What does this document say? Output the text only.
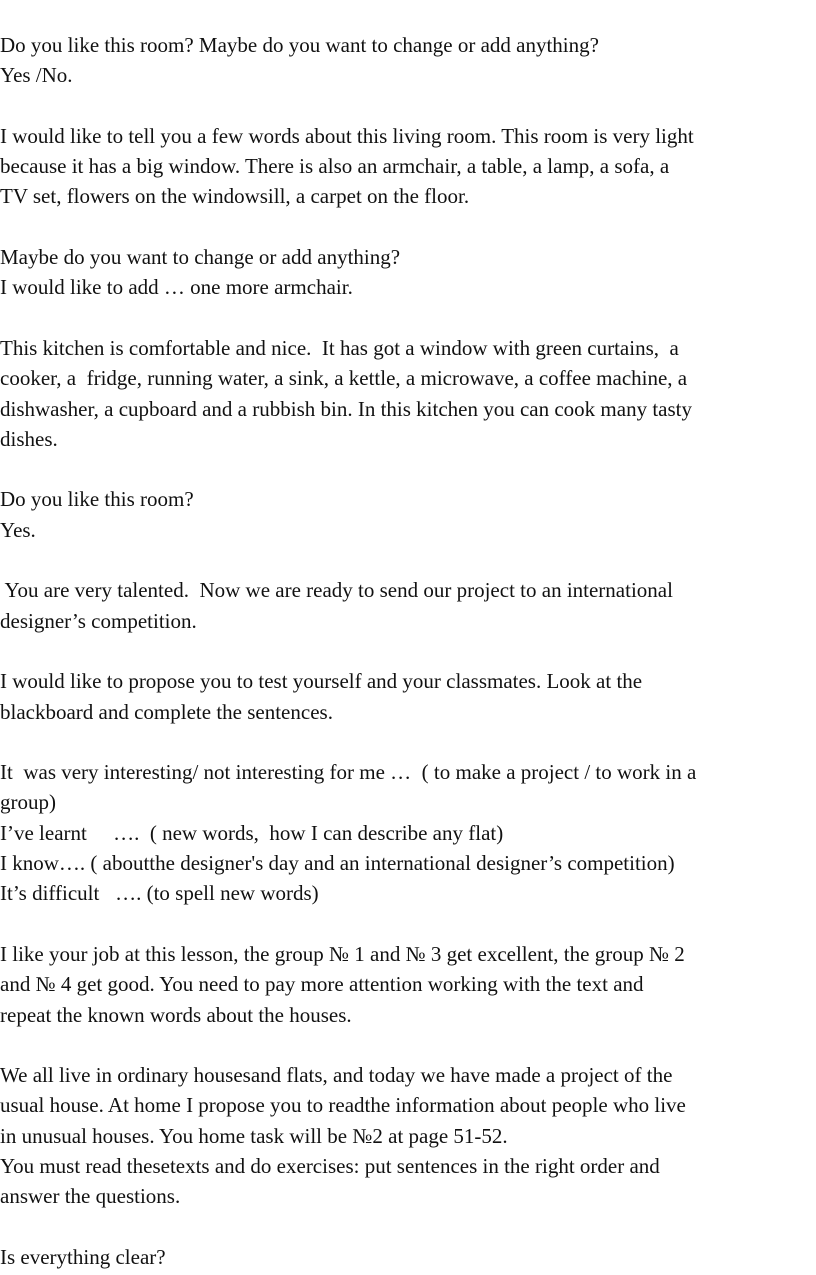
Do you like this room? Maybe do you want to change or add anything?
Yes /No.
I would like to tell you a few words about this living room. This room is very light
because it has a big window. There is also an armchair, a table, a lamp, a sofa, a
TV set, flowers on the windowsill, a carpet on the floor.
Maybe do you want to change or add anything?
I would like to add … one more armchair.
This kitchen is comfortable and nice.  It has got a window with green curtains,  a
cooker, a  fridge, running water, a sink, a kettle, a microwave, a coffee machine, a
dishwasher, a cupboard and a rubbish bin. In this kitchen you can cook many tasty
dishes.
Do you like this room?
Yes.
You are very talented.  Now we are ready to send our project to an international
designer’s competition.
I would like to propose you to test yourself and your classmates. Look at the
blackboard and complete the sentences.
It  was very interesting/ not interesting for me …  ( to make a project / to work in a
group)
I’ve learnt     ….  ( new words,  how I can describe any flat)
I know…. ( aboutthe designer's day and an international designer’s competition)
It’s difficult   …. (to spell new words)
I like your job at this lesson, the group № 1 and № 3 get excellent, the group № 2
and № 4 get good. You need to pay more attention working with the text and
repeat the known words about the houses.
We all live in ordinary housesand flats, and today we have made a project of the
usual house. At home I propose you to readthe information about people who live
in unusual houses. You home task will be №2 at page 51-52.
You must read thesetexts and do exercises: put sentences in the right order and
answer the questions.
Is everything clear?
